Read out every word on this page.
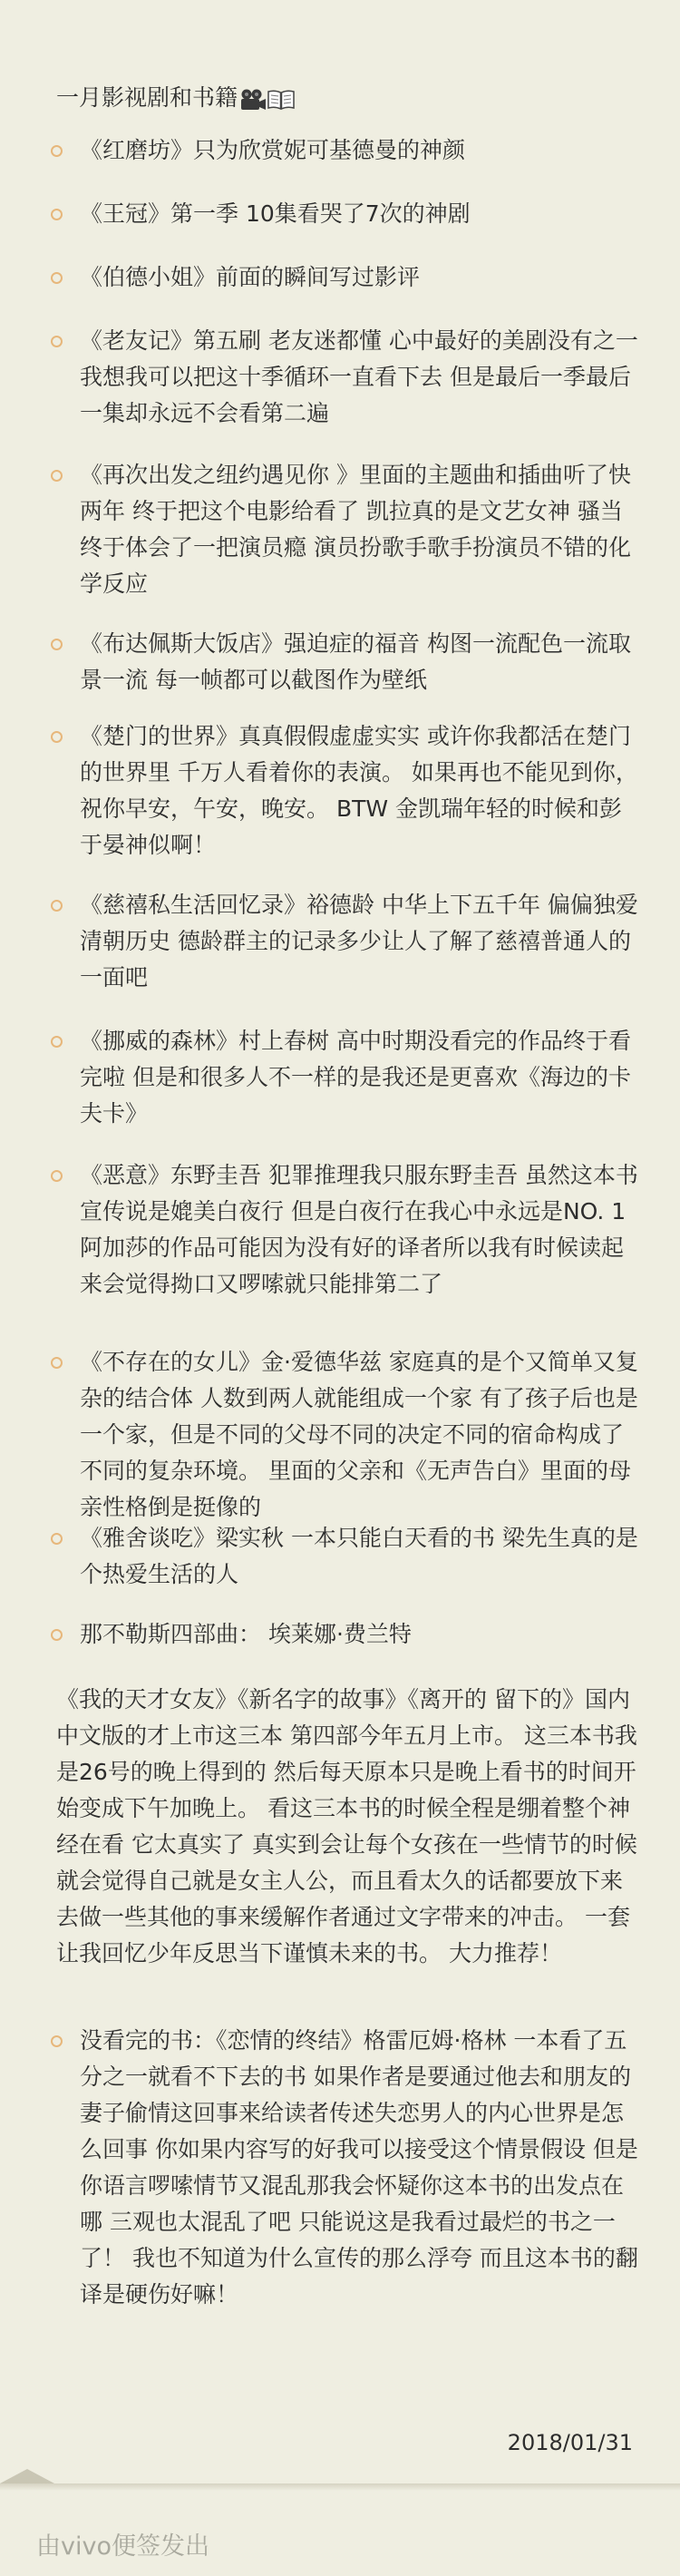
一月影视剧和书籍

《红磨坊》只为欣赏妮可基德曼的神颜

《王冠》第一季 10集看哭了7次的神剧

《伯德小姐》前面的瞬间写过影评

《老友记》第五刷 老友迷都懂 心中最好的美剧没有之一 我想我可以把这十季循环一直看下去 但是最后一季最后一集却永远不会看第二遍

《再次出发之纽约遇见你 》里面的主题曲和插曲听了快两年 终于把这个电影给看了 凯拉真的是文艺女神 骚当终于体会了一把演员瘾 演员扮歌手歌手扮演员不错的化学反应

《布达佩斯大饭店》强迫症的福音 构图一流配色一流取景一流 每一帧都可以截图作为壁纸

《楚门的世界》真真假假虚虚实实 或许你我都活在楚门的世界里 千万人看着你的表演。 如果再也不能见到你，祝你早安，午安，晚安。 BTW 金凯瑞年轻的时候和彭于晏神似啊！

《慈禧私生活回忆录》裕德龄 中华上下五千年 偏偏独爱清朝历史 德龄群主的记录多少让人了解了慈禧普通人的一面吧

《挪威的森林》村上春树 高中时期没看完的作品终于看完啦 但是和很多人不一样的是我还是更喜欢《海边的卡夫卡》

《恶意》东野圭吾 犯罪推理我只服东野圭吾 虽然这本书宣传说是媲美白夜行 但是白夜行在我心中永远是NO. 1 阿加莎的作品可能因为没有好的译者所以我有时候读起来会觉得拗口又啰嗦就只能排第二了

《不存在的女儿》金·爱德华兹 家庭真的是个又简单又复杂的结合体 人数到两人就能组成一个家 有了孩子后也是一个家，但是不同的父母不同的决定不同的宿命构成了不同的复杂环境。 里面的父亲和《无声告白》里面的母亲性格倒是挺像的

《雅舍谈吃》梁实秋 一本只能白天看的书 梁先生真的是个热爱生活的人

那不勒斯四部曲： 埃莱娜·费兰特

《我的天才女友》《新名字的故事》《离开的 留下的》国内中文版的才上市这三本 第四部今年五月上市。 这三本书我是26号的晚上得到的 然后每天原本只是晚上看书的时间开始变成下午加晚上。 看这三本书的时候全程是绷着整个神经在看 它太真实了 真实到会让每个女孩在一些情节的时候就会觉得自己就是女主人公，而且看太久的话都要放下来去做一些其他的事来缓解作者通过文字带来的冲击。 一套让我回忆少年反思当下谨慎未来的书。 大力推荐！

没看完的书：《恋情的终结》格雷厄姆·格林 一本看了五分之一就看不下去的书 如果作者是要通过他去和朋友的妻子偷情这回事来给读者传述失恋男人的内心世界是怎么回事 你如果内容写的好我可以接受这个情景假设 但是你语言啰嗦情节又混乱那我会怀疑你这本书的出发点在哪 三观也太混乱了吧 只能说这是我看过最烂的书之一了！ 我也不知道为什么宣传的那么浮夸 而且这本书的翻译是硬伤好嘛！

2018/01/31
由vivo便签发出
